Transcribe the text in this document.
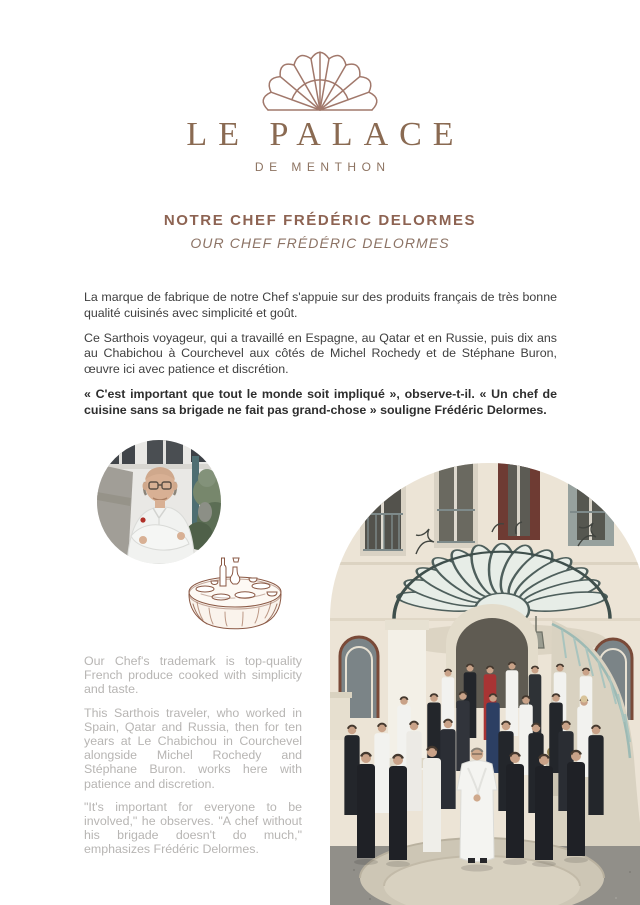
LE PALACE
DE MENTHON
NOTRE CHEF FRÉDÉRIC DELORMES
OUR CHEF FRÉDÉRIC DELORMES

La marque de fabrique de notre Chef s'appuie sur des produits français de très bonne qualité cuisinés avec simplicité et goût.

Ce Sarthois voyageur, qui a travaillé en Espagne, au Qatar et en Russie, puis dix ans au Chabichou à Courchevel aux côtés de Michel Rochedy et de Stéphane Buron, œuvre ici avec patience et discrétion.

« C'est important que tout le monde soit impliqué », observe-t-il. « Un chef de cuisine sans sa brigade ne fait pas grand-chose » souligne Frédéric Delormes.

Our Chef's trademark is top-quality French produce cooked with simplicity and taste.

This Sarthois traveler, who worked in Spain, Qatar and Russia, then for ten years at Le Chabichou in Courchevel alongside Michel Rochedy and Stéphane Buron. works here with patience and discretion.

"It's important for everyone to be involved," he observes. "A chef without his brigade doesn't do much," emphasizes Frédéric Delormes.
